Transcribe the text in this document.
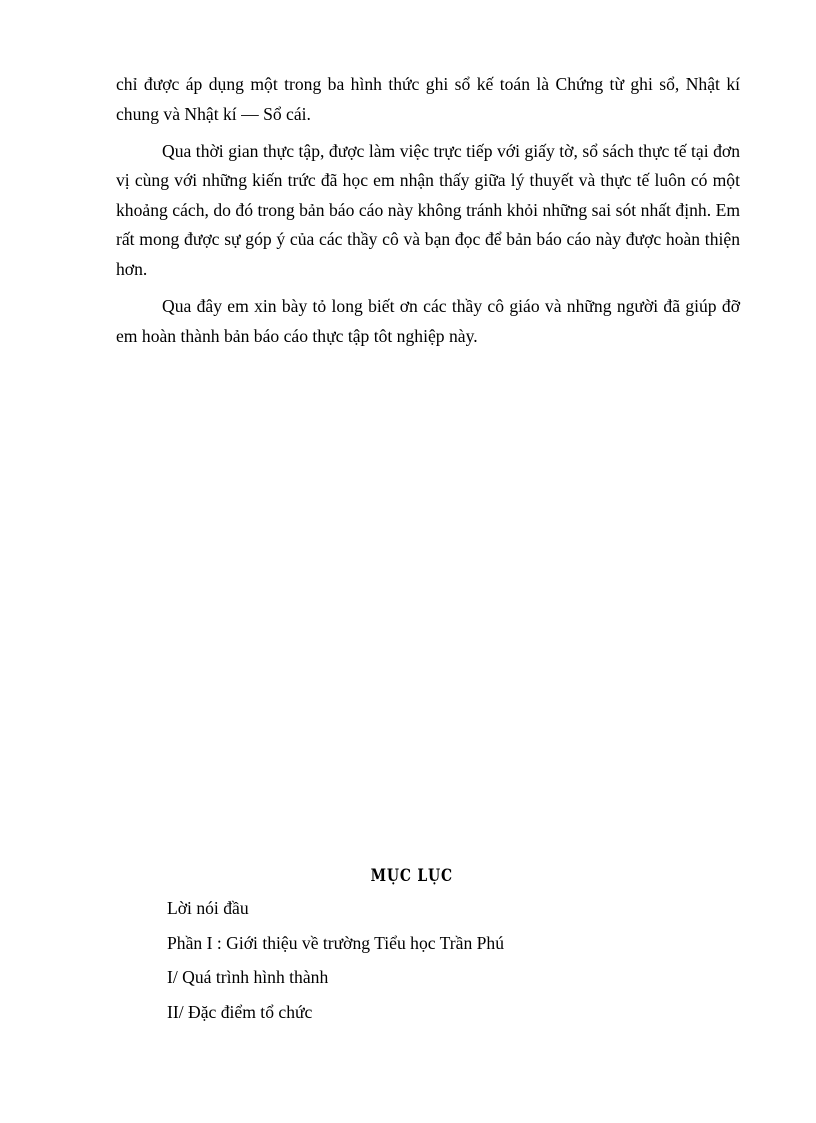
chỉ được áp dụng một trong ba hình thức ghi sổ kế toán là Chứng từ ghi sổ, Nhật kí chung và Nhật kí — Sổ cái.

Qua thời gian thực tập, được làm việc trực tiếp với giấy tờ, sổ sách thực tế tại đơn vị cùng với những kiến trức đã học em nhận thấy giữa lý thuyết và thực tế luôn có một khoảng cách, do đó trong bản báo cáo này không tránh khỏi những sai sót nhất định. Em rất mong được sự góp ý của các thầy cô và bạn đọc để bản báo cáo này được hoàn thiện hơn.

Qua đây em xin bày tỏ long biết ơn các thầy cô giáo và những người đã giúp đỡ em hoàn thành bản báo cáo thực tập tôt nghiệp này.

MỤC LỤC
Lời nói đầu
Phần I : Giới thiệu về trường Tiểu học Trần Phú
I/ Quá trình hình thành
II/ Đặc điểm tổ chức
